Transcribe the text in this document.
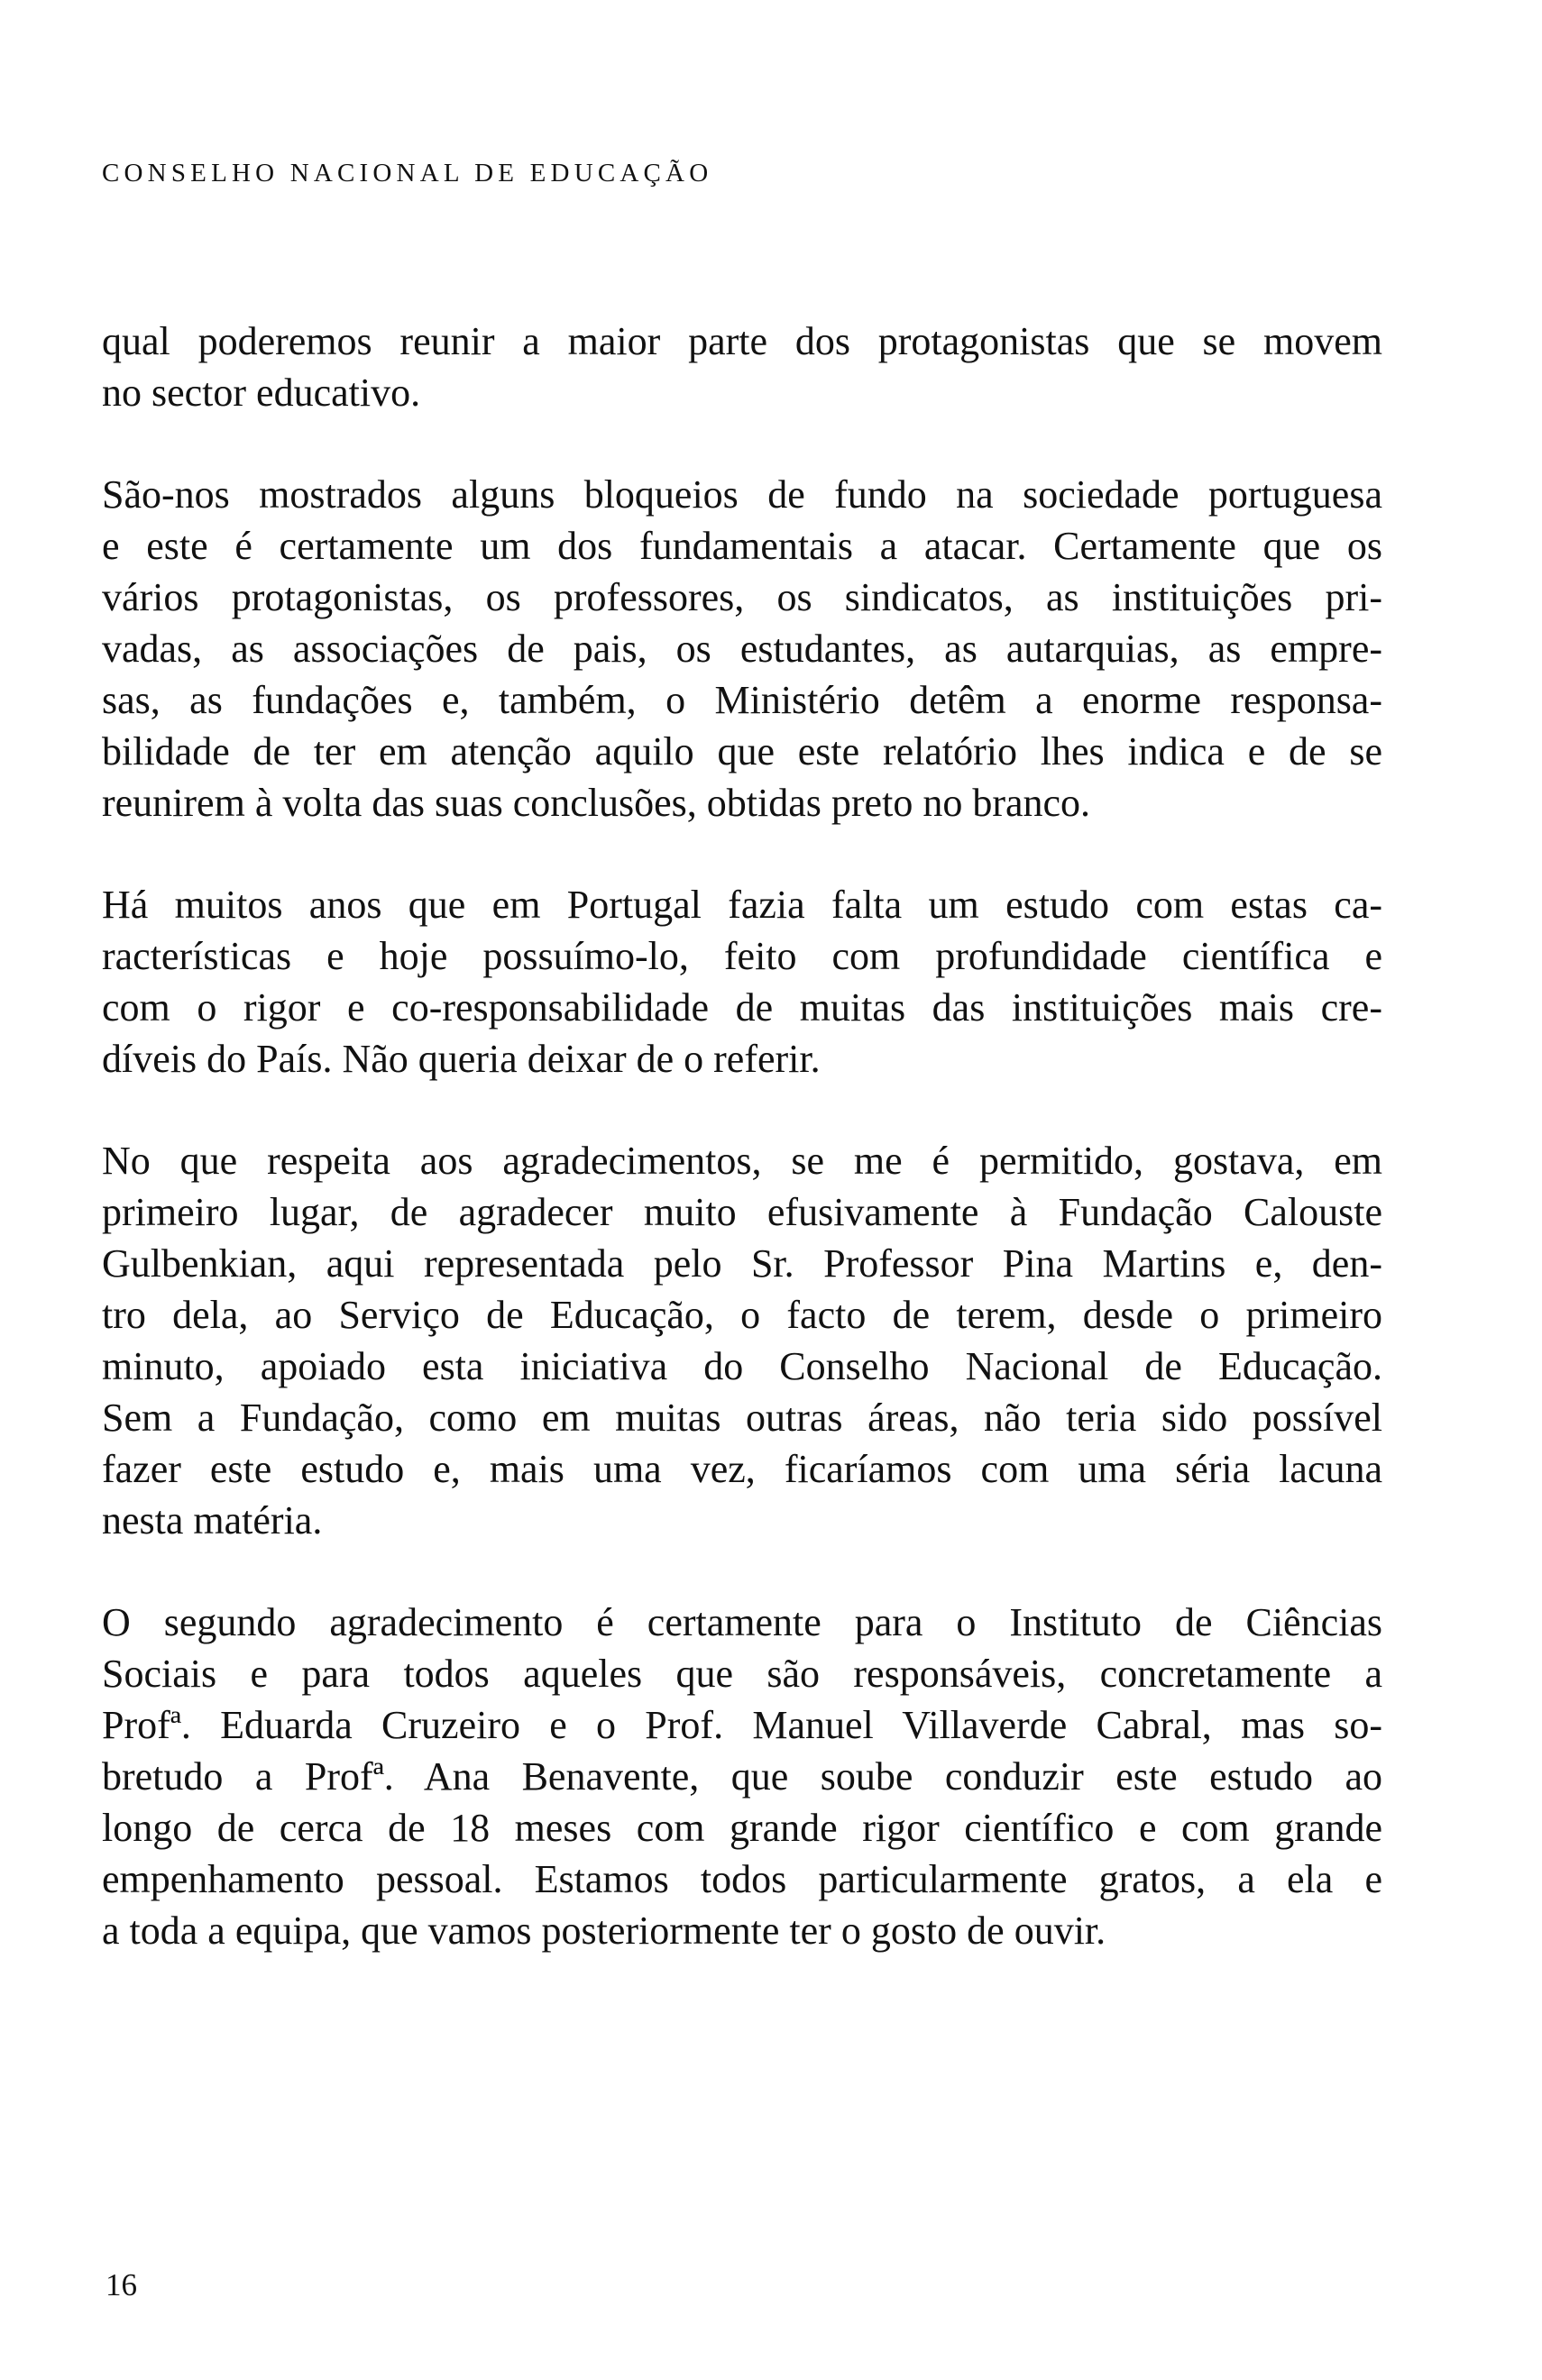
CONSELHO NACIONAL DE EDUCAÇÃO
qual poderemos reunir a maior parte dos protagonistas que se movem
no sector educativo.
São-nos mostrados alguns bloqueios de fundo na sociedade portuguesa
e este é certamente um dos fundamentais a atacar. Certamente que os
vários protagonistas, os professores, os sindicatos, as instituições pri-
vadas, as associações de pais, os estudantes, as autarquias, as empre-
sas, as fundações e, também, o Ministério detêm a enorme responsa-
bilidade de ter em atenção aquilo que este relatório lhes indica e de se
reunirem à volta das suas conclusões, obtidas preto no branco.
Há muitos anos que em Portugal fazia falta um estudo com estas ca-
racterísticas e hoje possuímo-lo, feito com profundidade científica e
com o rigor e co-responsabilidade de muitas das instituições mais cre-
díveis do País. Não queria deixar de o referir.
No que respeita aos agradecimentos, se me é permitido, gostava, em
primeiro lugar, de agradecer muito efusivamente à Fundação Calouste
Gulbenkian, aqui representada pelo Sr. Professor Pina Martins e, den-
tro dela, ao Serviço de Educação, o facto de terem, desde o primeiro
minuto, apoiado esta iniciativa do Conselho Nacional de Educação.
Sem a Fundação, como em muitas outras áreas, não teria sido possível
fazer este estudo e, mais uma vez, ficaríamos com uma séria lacuna
nesta matéria.
O segundo agradecimento é certamente para o Instituto de Ciências
Sociais e para todos aqueles que são responsáveis, concretamente a
Profª. Eduarda Cruzeiro e o Prof. Manuel Villaverde Cabral, mas so-
bretudo a Profª. Ana Benavente, que soube conduzir este estudo ao
longo de cerca de 18 meses com grande rigor científico e com grande
empenhamento pessoal. Estamos todos particularmente gratos, a ela e
a toda a equipa, que vamos posteriormente ter o gosto de ouvir.
16
